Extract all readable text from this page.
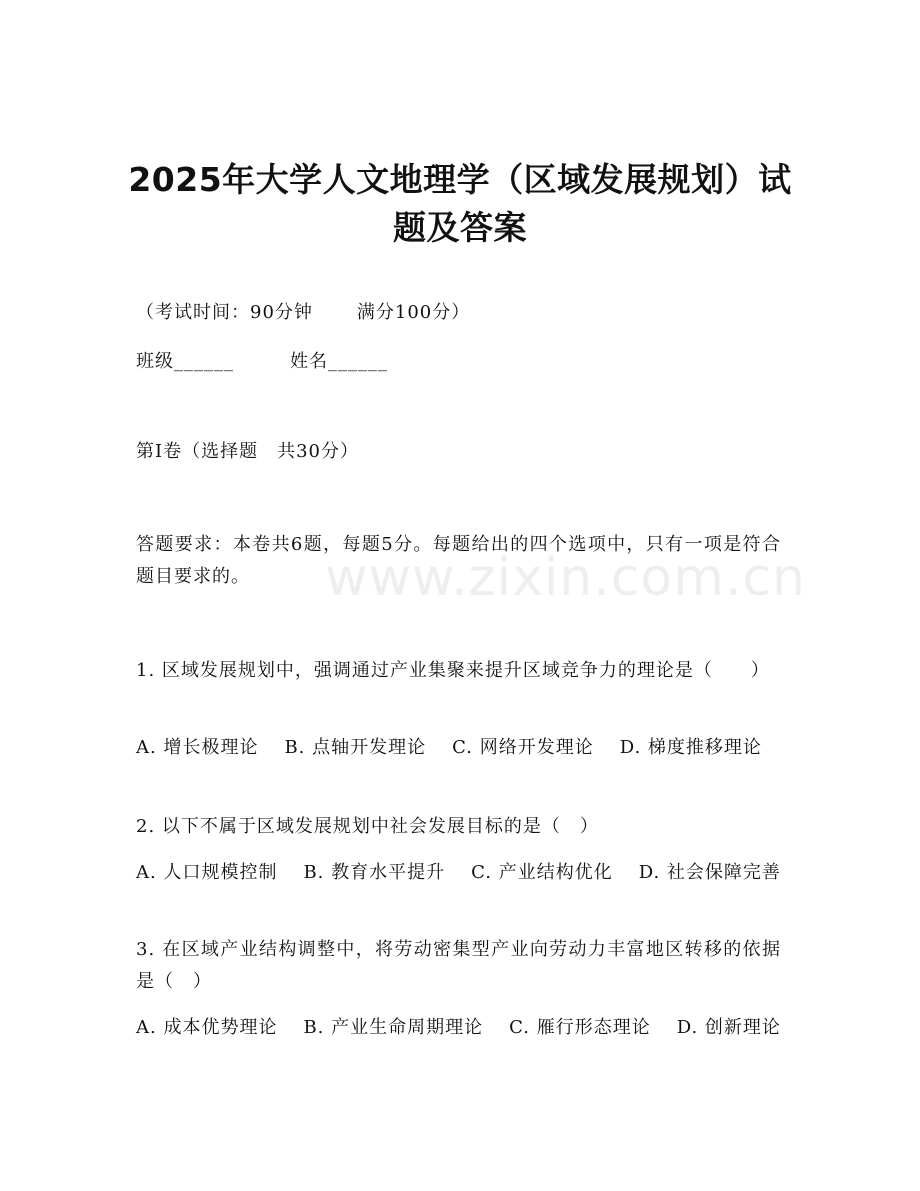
www.zixin.com.cn
2025年大学人文地理学（区域发展规划）试
题及答案

（考试时间：90分钟 满分100分）

班级______	姓名______

第Ⅰ卷（选择题　共30分）

答题要求：本卷共6题，每题5分。每题给出的四个选项中，只有一项是符合题目要求的。

1. 区域发展规划中，强调通过产业集聚来提升区域竞争力的理论是（　　）

A. 增长极理论 B. 点轴开发理论 C. 网络开发理论 D. 梯度推移理论

2. 以下不属于区域发展规划中社会发展目标的是（　）

A. 人口规模控制 B. 教育水平提升 C. 产业结构优化 D. 社会保障完善

3. 在区域产业结构调整中，将劳动密集型产业向劳动力丰富地区转移的依据是（　）

A. 成本优势理论 B. 产业生命周期理论 C. 雁行形态理论 D. 创新理论
